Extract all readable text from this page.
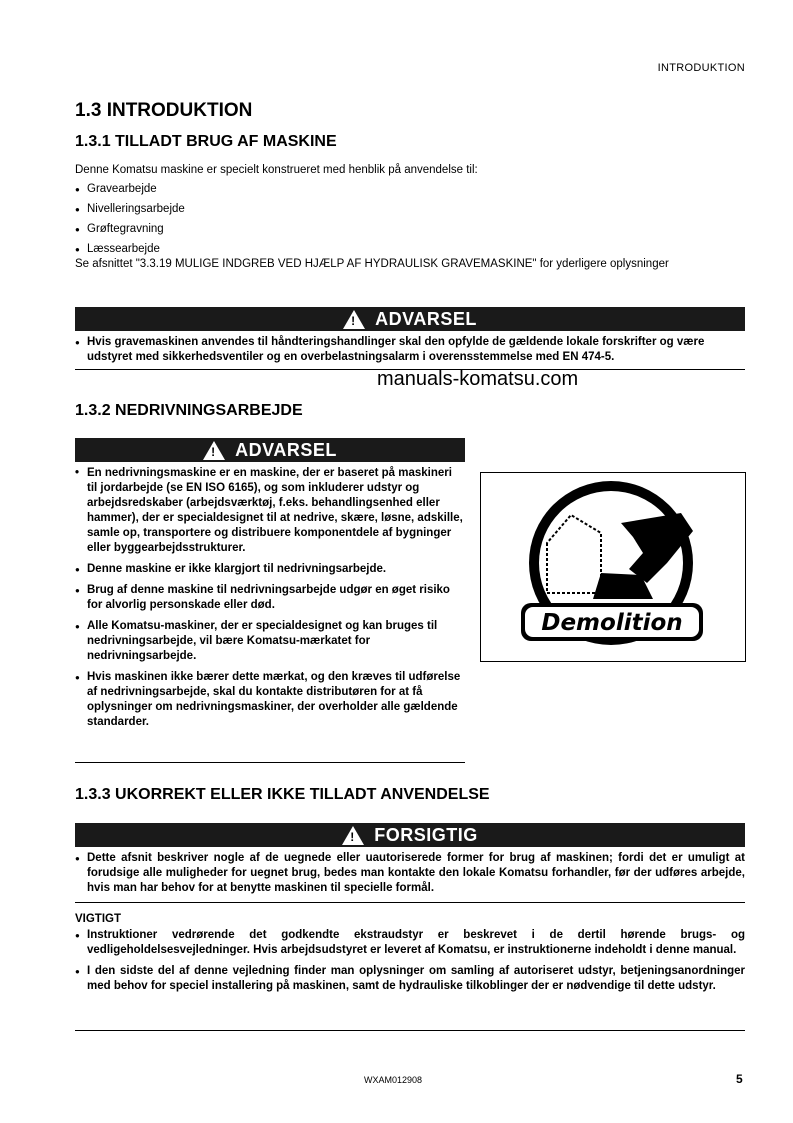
INTRODUKTION
1.3 INTRODUKTION
1.3.1 TILLADT BRUG AF MASKINE
Denne Komatsu maskine er specielt konstrueret med henblik på anvendelse til:
● Gravearbejde
● Nivelleringsarbejde
● Grøftegravning
● Læssearbejde
Se afsnittet "3.3.19 MULIGE INDGREB VED HJÆLP AF HYDRAULISK GRAVEMASKINE" for yderligere oplysninger
! ADVARSEL
● Hvis gravemaskinen anvendes til håndteringshandlinger skal den opfylde de gældende lokale forskrifter og være udstyret med sikkerhedsventiler og en overbelastningsalarm i overensstemmelse med EN 474-5.
manuals-komatsu.com
1.3.2 NEDRIVNINGSARBEJDE
! ADVARSEL
• En nedrivningsmaskine er en maskine, der er baseret på maskineri til jordarbejde (se EN ISO 6165), og som inkluderer udstyr og arbejdsredskaber (arbejdsværktøj, f.eks. behandlingsenhed eller hammer), der er specialdesignet til at nedrive, skære, løsne, adskille, samle op, transportere og distribuere komponentdele af bygninger eller byggearbejdsstrukturer.
● Denne maskine er ikke klargjort til nedrivningsarbejde.
● Brug af denne maskine til nedrivningsarbejde udgør en øget risiko for alvorlig personskade eller død.
● Alle Komatsu-maskiner, der er specialdesignet og kan bruges til nedrivningsarbejde, vil bære Komatsu-mærkatet for nedrivningsarbejde.
● Hvis maskinen ikke bærer dette mærkat, og den kræves til udførelse af nedrivningsarbejde, skal du kontakte distributøren for at få oplysninger om nedrivningsmaskiner, der overholder alle gældende standarder.
Demolition
1.3.3 UKORREKT ELLER IKKE TILLADT ANVENDELSE
! FORSIGTIG
● Dette afsnit beskriver nogle af de uegnede eller uautoriserede former for brug af maskinen; fordi det er umuligt at forudsige alle muligheder for uegnet brug, bedes man kontakte den lokale Komatsu forhandler, før der udføres arbejde, hvis man har behov for at benytte maskinen til specielle formål.
VIGTIGT
● Instruktioner vedrørende det godkendte ekstraudstyr er beskrevet i de dertil hørende brugs- og vedligeholdelsesvejledninger. Hvis arbejdsudstyret er leveret af Komatsu, er instruktionerne indeholdt i denne manual.
● I den sidste del af denne vejledning finder man oplysninger om samling af autoriseret udstyr, betjeningsanordninger med behov for speciel installering på maskinen, samt de hydrauliske tilkoblinger der er nødvendige til dette udstyr.
WXAM012908	5
